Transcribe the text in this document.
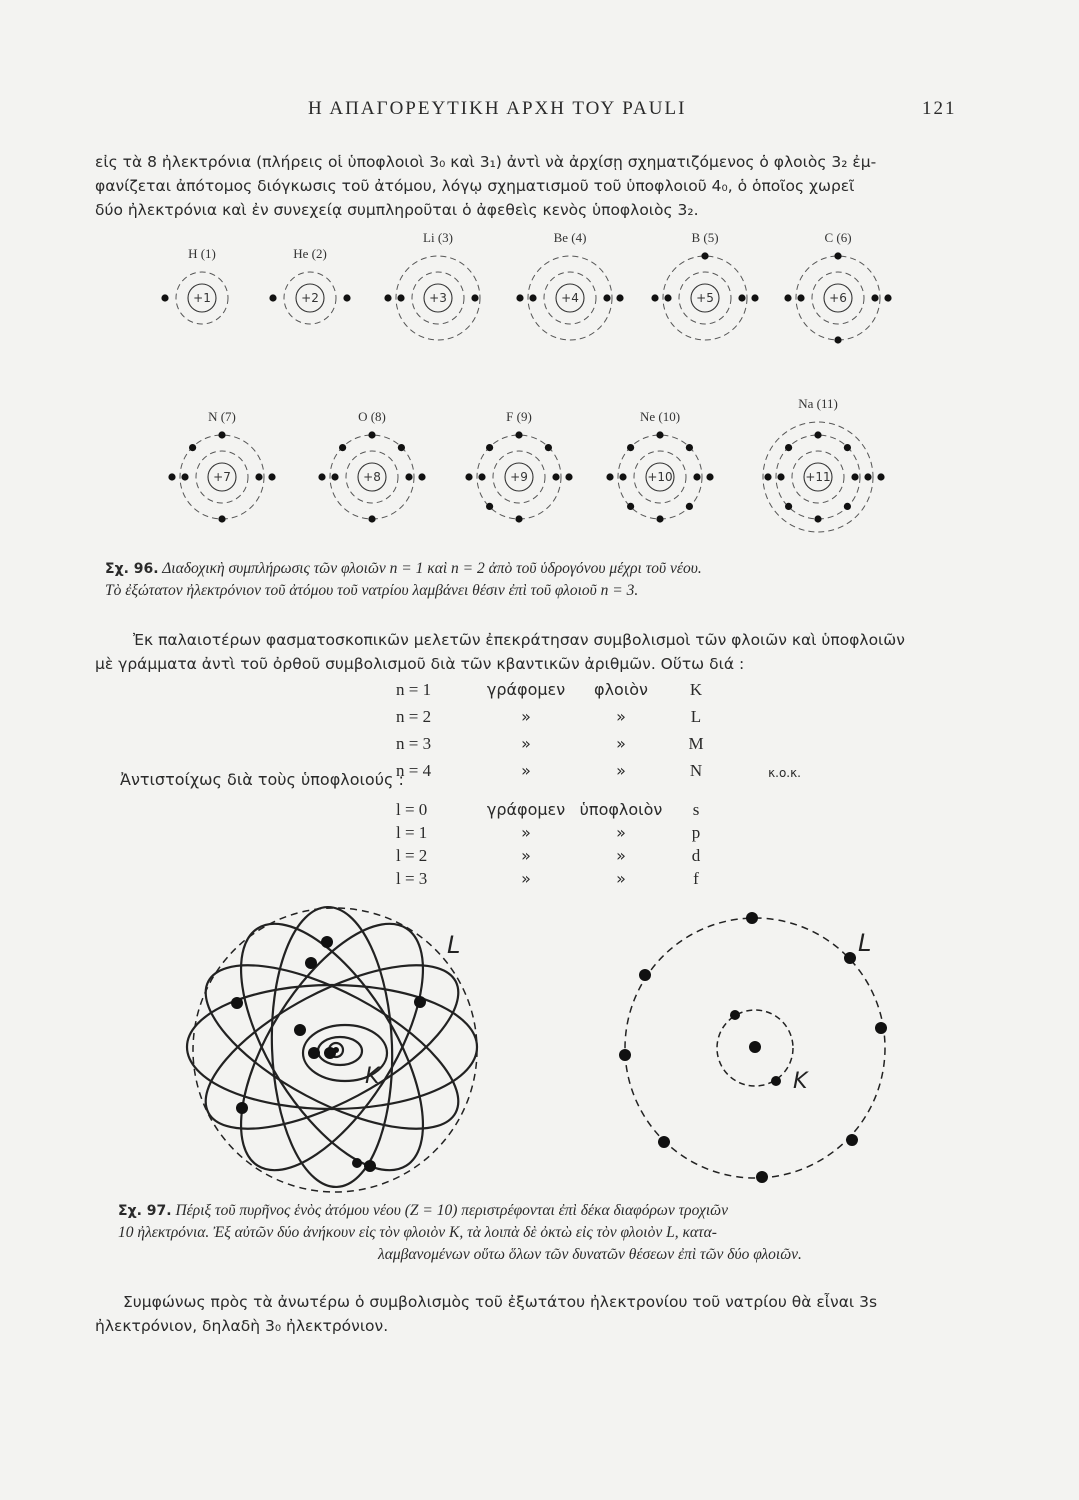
Η ΑΠΑΓΟΡΕΥΤΙΚΗ ΑΡΧΗ ΤΟΥ PAULI	121
εἰς τὰ 8 ἠλεκτρόνια (πλήρεις οἱ ὑποφλοιοὶ 3₀ καὶ 3₁) ἀντὶ νὰ ἀρχίσῃ σχηματιζόμενος ὁ φλοιὸς 3₂ ἐμ-
φανίζεται ἀπότομος διόγκωσις τοῦ ἀτόμου, λόγῳ σχηματισμοῦ τοῦ ὑποφλοιοῦ 4₀, ὁ ὁποῖος χωρεῖ
δύο ἠλεκτρόνια καὶ ἐν συνεχείᾳ συμπληροῦται ὁ ἀφεθεὶς κενὸς ὑποφλοιὸς 3₂.
+1
H (1)
+2
He (2)
+3
Li (3)
+4
Be (4)
+5
B (5)
+6
C (6)
+7
N (7)
+8
O (8)
+9
F (9)
+10
Ne (10)
+11
Na (11)
Σχ. 96. Διαδοχικὴ συμπλήρωσις τῶν φλοιῶν n = 1 καὶ n = 2 ἀπὸ τοῦ ὑδρογόνου μέχρι τοῦ νέου.
Τὸ ἐξώτατον ἠλεκτρόνιον τοῦ ἀτόμου τοῦ νατρίου λαμβάνει θέσιν ἐπὶ τοῦ φλοιοῦ n = 3.
Ἐκ παλαιοτέρων φασματοσκοπικῶν μελετῶν ἐπεκράτησαν συμβολισμοὶ τῶν φλοιῶν καὶ ὑποφλοιῶν
μὲ γράμματα ἀντὶ τοῦ ὀρθοῦ συμβολισμοῦ διὰ τῶν κβαντικῶν ἀριθμῶν. Οὕτω διά :
n = 1	γράφομεν	φλοιὸν	K	
n = 2	»	»	L	
n = 3	»	»	M	
n = 4	»	»	N	κ.ο.κ.
Ἀντιστοίχως διὰ τοὺς ὑποφλοιούς :
l = 0	γράφομεν	ὑποφλοιὸν	s
l = 1	»	»	p
l = 2	»	»	d
l = 3	»	»	f
L
K
L
K
Σχ. 97. Πέριξ τοῦ πυρῆνος ἑνὸς ἀτόμου νέου (Z = 10) περιστρέφονται ἐπὶ δέκα διαφόρων τροχιῶν
10 ἠλεκτρόνια. Ἐξ αὐτῶν δύο ἀνήκουν εἰς τὸν φλοιὸν K, τὰ λοιπὰ δὲ ὀκτὼ εἰς τὸν φλοιὸν L, κατα-
λαμβανομένων οὕτω ὅλων τῶν δυνατῶν θέσεων ἐπὶ τῶν δύο φλοιῶν.
Συμφώνως πρὸς τὰ ἀνωτέρω ὁ συμβολισμὸς τοῦ ἐξωτάτου ἠλεκτρονίου τοῦ νατρίου θὰ εἶναι 3s
ἠλεκτρόνιον, δηλαδὴ 3₀ ἠλεκτρόνιον.
